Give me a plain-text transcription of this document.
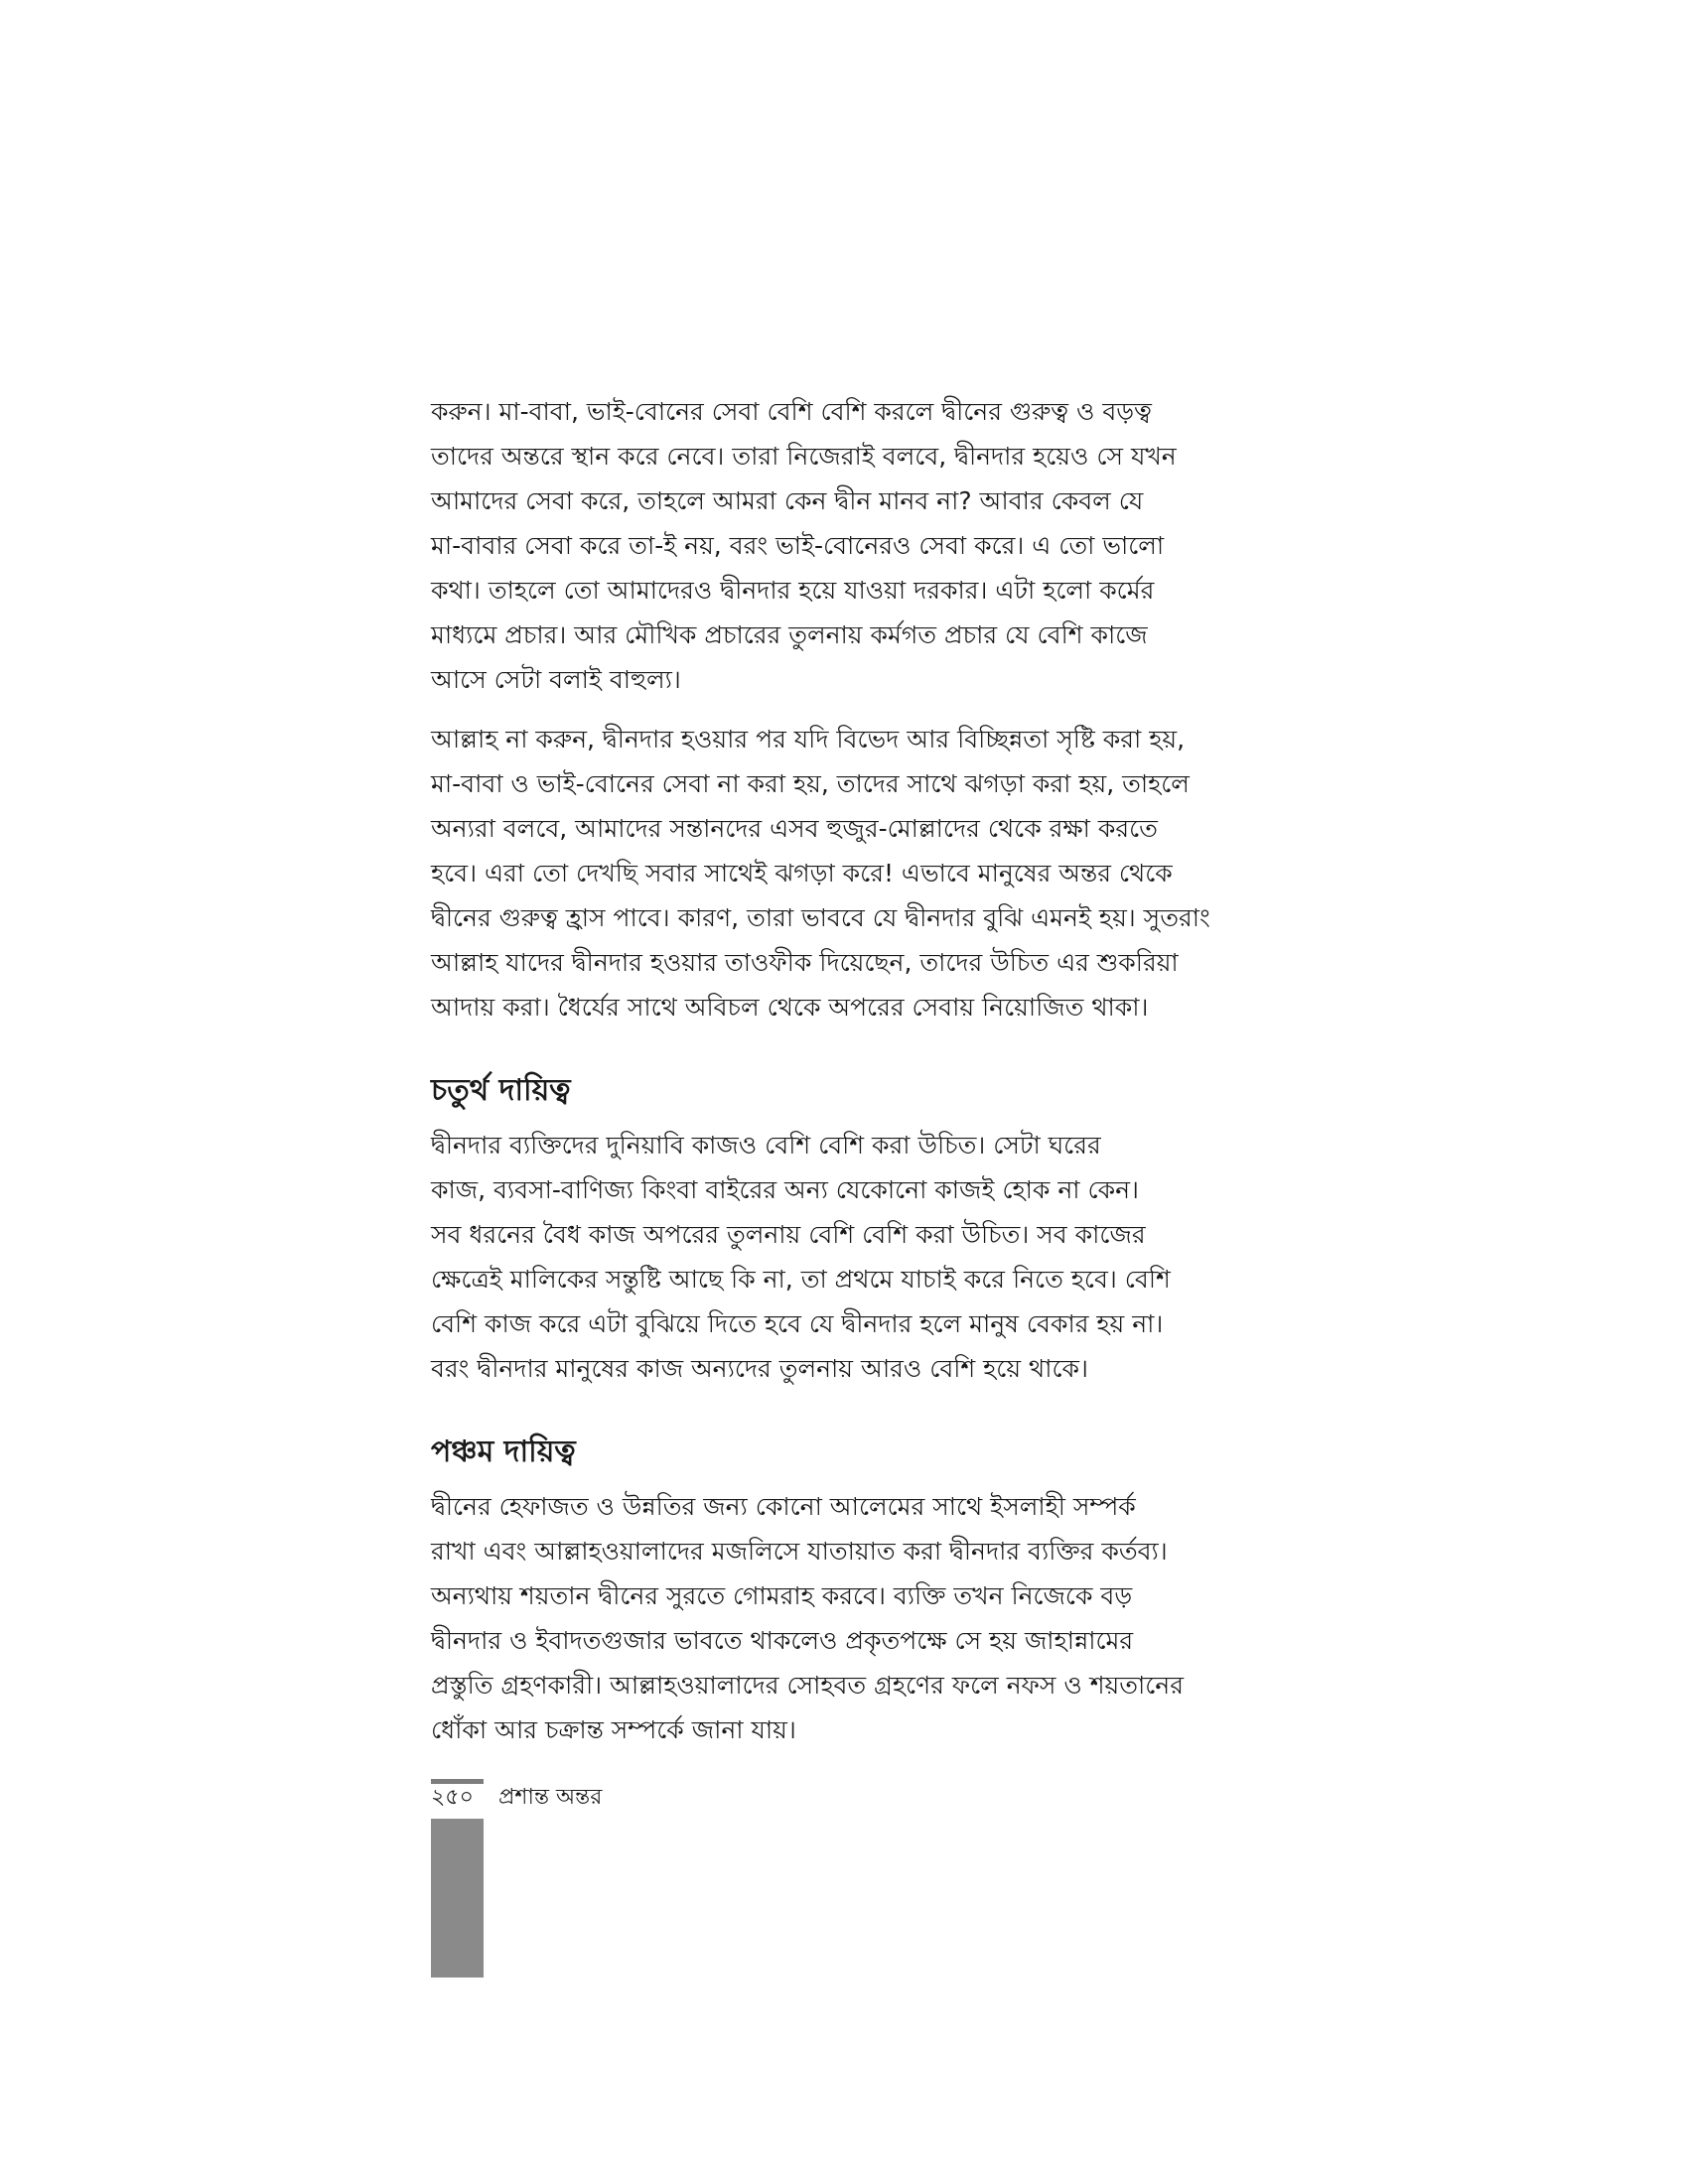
করুন। মা-বাবা, ভাই-বোনের সেবা বেশি বেশি করলে দ্বীনের গুরুত্ব ও বড়ত্ব
তাদের অন্তরে স্থান করে নেবে। তারা নিজেরাই বলবে, দ্বীনদার হয়েও সে যখন
আমাদের সেবা করে, তাহলে আমরা কেন দ্বীন মানব না? আবার কেবল যে
মা-বাবার সেবা করে তা-ই নয়, বরং ভাই-বোনেরও সেবা করে। এ তো ভালো
কথা। তাহলে তো আমাদেরও দ্বীনদার হয়ে যাওয়া দরকার। এটা হলো কর্মের
মাধ্যমে প্রচার। আর মৌখিক প্রচারের তুলনায় কর্মগত প্রচার যে বেশি কাজে
আসে সেটা বলাই বাহুল্য।

আল্লাহ না করুন, দ্বীনদার হওয়ার পর যদি বিভেদ আর বিচ্ছিন্নতা সৃষ্টি করা হয়,
মা-বাবা ও ভাই-বোনের সেবা না করা হয়, তাদের সাথে ঝগড়া করা হয়, তাহলে
অন্যরা বলবে, আমাদের সন্তানদের এসব হুজুর-মোল্লাদের থেকে রক্ষা করতে
হবে। এরা তো দেখছি সবার সাথেই ঝগড়া করে! এভাবে মানুষের অন্তর থেকে
দ্বীনের গুরুত্ব হ্রাস পাবে। কারণ, তারা ভাববে যে দ্বীনদার বুঝি এমনই হয়। সুতরাং
আল্লাহ যাদের দ্বীনদার হওয়ার তাওফীক দিয়েছেন, তাদের উচিত এর শুকরিয়া
আদায় করা। ধৈর্যের সাথে অবিচল থেকে অপরের সেবায় নিয়োজিত থাকা।

চতুর্থ দায়িত্ব

দ্বীনদার ব্যক্তিদের দুনিয়াবি কাজও বেশি বেশি করা উচিত। সেটা ঘরের
কাজ, ব্যবসা-বাণিজ্য কিংবা বাইরের অন্য যেকোনো কাজই হোক না কেন।
সব ধরনের বৈধ কাজ অপরের তুলনায় বেশি বেশি করা উচিত। সব কাজের
ক্ষেত্রেই মালিকের সন্তুষ্টি আছে কি না, তা প্রথমে যাচাই করে নিতে হবে। বেশি
বেশি কাজ করে এটা বুঝিয়ে দিতে হবে যে দ্বীনদার হলে মানুষ বেকার হয় না।
বরং দ্বীনদার মানুষের কাজ অন্যদের তুলনায় আরও বেশি হয়ে থাকে।

পঞ্চম দায়িত্ব

দ্বীনের হেফাজত ও উন্নতির জন্য কোনো আলেমের সাথে ইসলাহী সম্পর্ক
রাখা এবং আল্লাহওয়ালাদের মজলিসে যাতায়াত করা দ্বীনদার ব্যক্তির কর্তব্য।
অন্যথায় শয়তান দ্বীনের সুরতে গোমরাহ করবে। ব্যক্তি তখন নিজেকে বড়
দ্বীনদার ও ইবাদতগুজার ভাবতে থাকলেও প্রকৃতপক্ষে সে হয় জাহান্নামের
প্রস্তুতি গ্রহণকারী। আল্লাহওয়ালাদের সোহবত গ্রহণের ফলে নফস ও শয়তানের
ধোঁকা আর চক্রান্ত সম্পর্কে জানা যায়।

২৫০ প্রশান্ত অন্তর
